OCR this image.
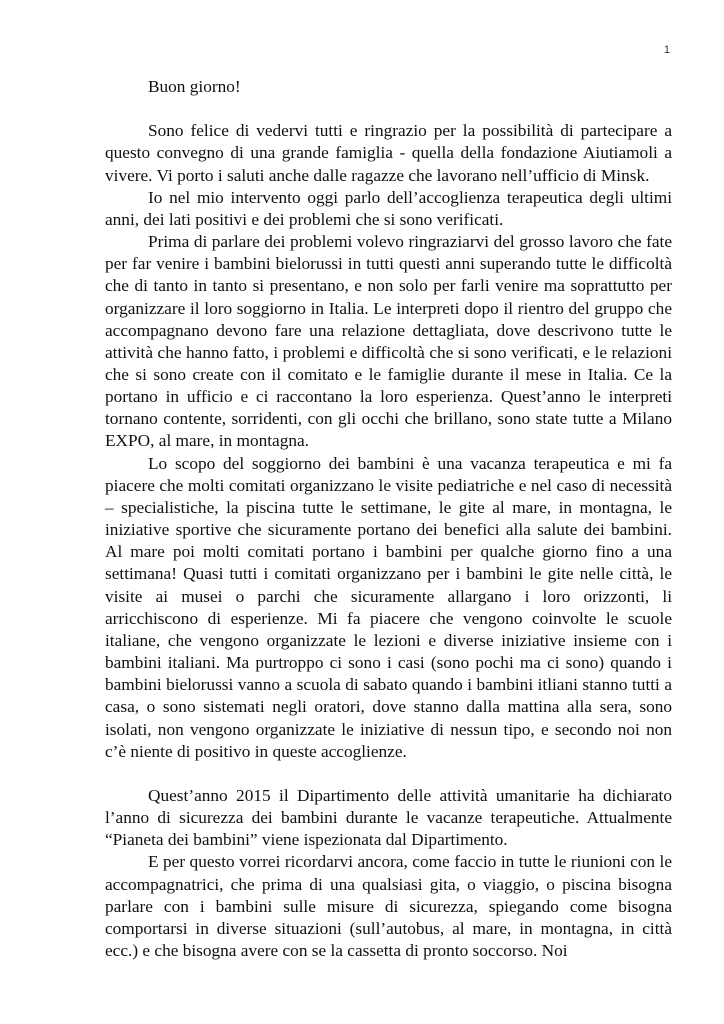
1

Buon giorno!

Sono felice di vedervi tutti e ringrazio per la possibilità di partecipare a questo convegno di una grande famiglia - quella della fondazione Aiutiamoli a vivere. Vi porto i saluti anche dalle ragazze che lavorano nell’ufficio di Minsk.

Io nel mio intervento oggi parlo dell’accoglienza terapeutica degli ultimi anni, dei lati positivi e dei problemi che si sono verificati.

Prima di parlare dei problemi volevo ringraziarvi del grosso lavoro che fate per far venire i bambini bielorussi in tutti questi anni superando tutte le difficoltà che di tanto in tanto si presentano, e non solo per farli venire ma soprattutto per organizzare il loro soggiorno in Italia. Le interpreti dopo il rientro del gruppo che accompagnano devono fare una relazione dettagliata, dove descrivono tutte le attività che hanno fatto, i problemi e difficoltà che si sono verificati, e le relazioni che si sono create con il comitato e le famiglie durante il mese in Italia. Ce la portano in ufficio e ci raccontano la loro esperienza. Quest’anno le interpreti tornano contente, sorridenti, con gli occhi che brillano, sono state tutte a Milano EXPO, al mare, in montagna.

Lo scopo del soggiorno dei bambini è una vacanza terapeutica e mi fa piacere che molti comitati organizzano le visite pediatriche e nel caso di necessità – specialistiche, la piscina tutte le settimane, le gite al mare, in montagna, le iniziative sportive che sicuramente portano dei benefici alla salute dei bambini. Al mare poi molti comitati portano i bambini per qualche giorno fino a una settimana! Quasi tutti i comitati organizzano per i bambini le gite nelle città, le visite ai musei o parchi che sicuramente allargano i loro orizzonti, li arricchiscono di esperienze. Mi fa piacere che vengono coinvolte le scuole italiane, che vengono organizzate le lezioni e diverse iniziative insieme con i bambini italiani. Ma purtroppo ci sono i casi (sono pochi ma ci sono) quando i bambini bielorussi vanno a scuola di sabato quando i bambini itliani stanno tutti a casa, o sono sistemati negli oratori, dove stanno dalla mattina alla sera, sono isolati, non vengono organizzate le iniziative di nessun tipo, e secondo noi non c’è niente di positivo in queste accoglienze.

Quest’anno 2015 il Dipartimento delle attività umanitarie ha dichiarato l’anno di sicurezza dei bambini durante le vacanze terapeutiche. Attualmente “Pianeta dei bambini” viene ispezionata dal Dipartimento.

E per questo vorrei ricordarvi ancora, come faccio in tutte le riunioni con le accompagnatrici, che prima di una qualsiasi gita, o viaggio, o piscina bisogna parlare con i bambini sulle misure di sicurezza, spiegando come bisogna comportarsi in diverse situazioni (sull’autobus, al mare, in montagna, in città ecc.) e che bisogna avere con se la cassetta di pronto soccorso. Noi
